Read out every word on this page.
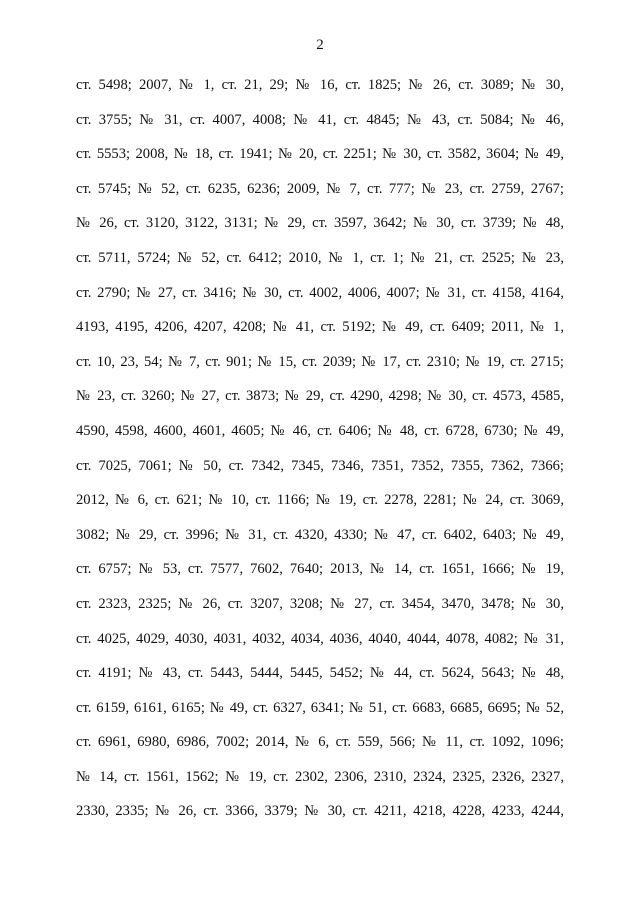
2
ст. 5498; 2007, № 1, ст. 21, 29; № 16, ст. 1825; № 26, ст. 3089; № 30,
ст. 3755; № 31, ст. 4007, 4008; № 41, ст. 4845; № 43, ст. 5084; № 46,
ст. 5553; 2008, № 18, ст. 1941; № 20, ст. 2251; № 30, ст. 3582, 3604; № 49,
ст. 5745; № 52, ст. 6235, 6236; 2009, № 7, ст. 777; № 23, ст. 2759, 2767;
№ 26, ст. 3120, 3122, 3131; № 29, ст. 3597, 3642; № 30, ст. 3739; № 48,
ст. 5711, 5724; № 52, ст. 6412; 2010, № 1, ст. 1; № 21, ст. 2525; № 23,
ст. 2790; № 27, ст. 3416; № 30, ст. 4002, 4006, 4007; № 31, ст. 4158, 4164,
4193, 4195, 4206, 4207, 4208; № 41, ст. 5192; № 49, ст. 6409; 2011, № 1,
ст. 10, 23, 54; № 7, ст. 901; № 15, ст. 2039; № 17, ст. 2310; № 19, ст. 2715;
№ 23, ст. 3260; № 27, ст. 3873; № 29, ст. 4290, 4298; № 30, ст. 4573, 4585,
4590, 4598, 4600, 4601, 4605; № 46, ст. 6406; № 48, ст. 6728, 6730; № 49,
ст. 7025, 7061; № 50, ст. 7342, 7345, 7346, 7351, 7352, 7355, 7362, 7366;
2012, № 6, ст. 621; № 10, ст. 1166; № 19, ст. 2278, 2281; № 24, ст. 3069,
3082; № 29, ст. 3996; № 31, ст. 4320, 4330; № 47, ст. 6402, 6403; № 49,
ст. 6757; № 53, ст. 7577, 7602, 7640; 2013, № 14, ст. 1651, 1666; № 19,
ст. 2323, 2325; № 26, ст. 3207, 3208; № 27, ст. 3454, 3470, 3478; № 30,
ст. 4025, 4029, 4030, 4031, 4032, 4034, 4036, 4040, 4044, 4078, 4082; № 31,
ст. 4191; № 43, ст. 5443, 5444, 5445, 5452; № 44, ст. 5624, 5643; № 48,
ст. 6159, 6161, 6165; № 49, ст. 6327, 6341; № 51, ст. 6683, 6685, 6695; № 52,
ст. 6961, 6980, 6986, 7002; 2014, № 6, ст. 559, 566; № 11, ст. 1092, 1096;
№ 14, ст. 1561, 1562; № 19, ст. 2302, 2306, 2310, 2324, 2325, 2326, 2327,
2330, 2335; № 26, ст. 3366, 3379; № 30, ст. 4211, 4218, 4228, 4233, 4244,
